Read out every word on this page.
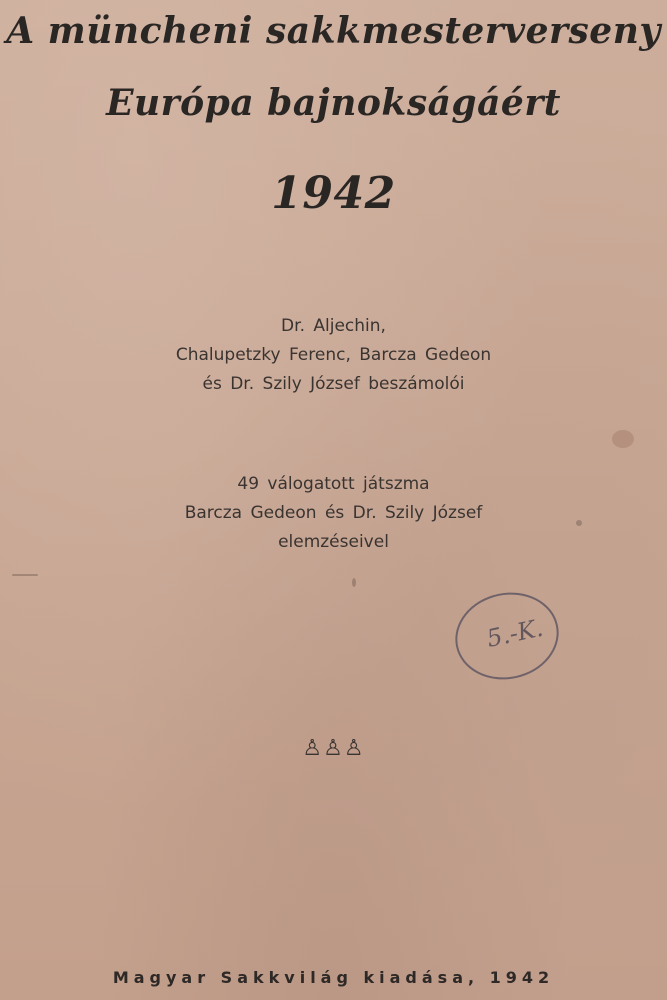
A müncheni sakkmesterverseny
Európa bajnokságáért
1942
Dr. Aljechin,
Chalupetzky Ferenc, Barcza Gedeon
és Dr. Szily József beszámolói
49 válogatott játszma
Barcza Gedeon és Dr. Szily József
elemzéseivel
5.-K.
♙♙♙
Magyar Sakkvilág kiadása, 1942
